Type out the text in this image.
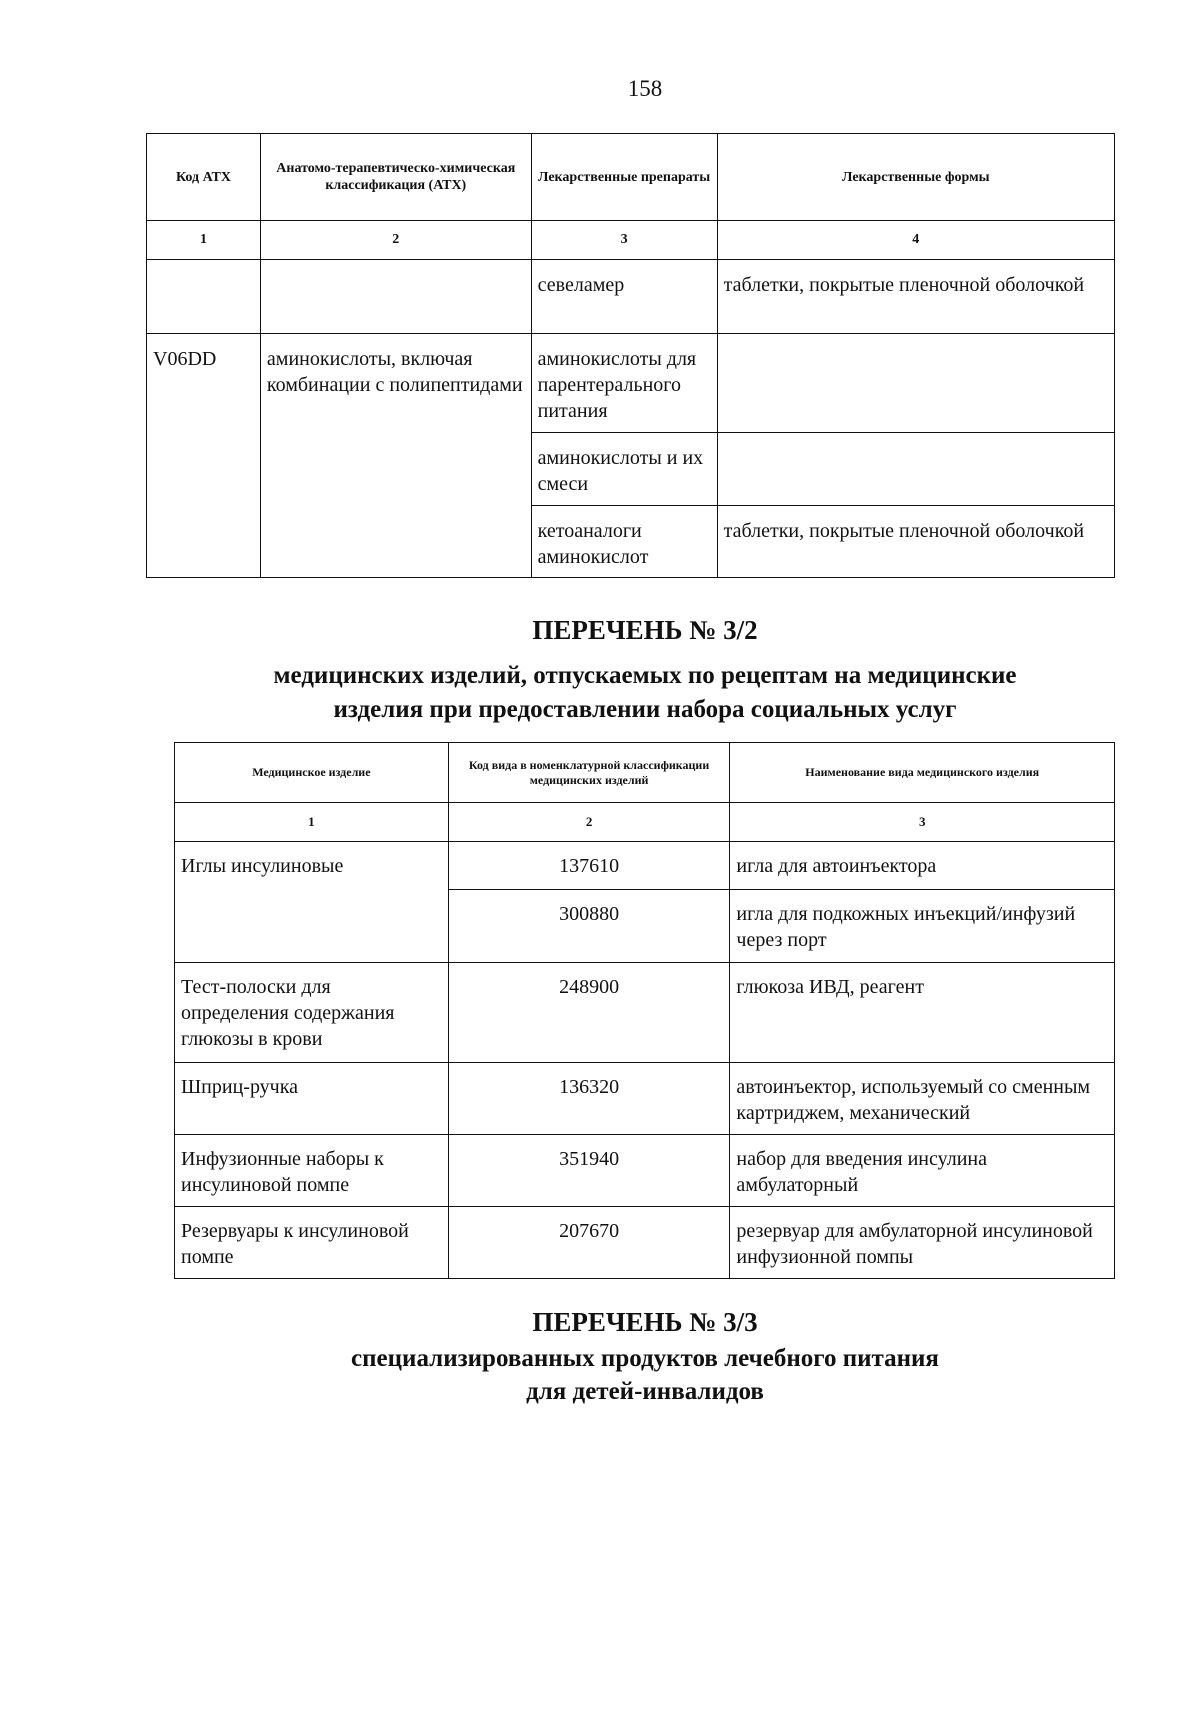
158
Код АТХ	Анатомо-терапевтическо-химическая классификация (АТХ)	Лекарственные препараты	Лекарственные формы
1	2	3	4
		севеламер	таблетки, покрытые пленочной оболочкой
V06DD	аминокислоты, включая комбинации с полипептидами	аминокислоты для парентерального питания	
		аминокислоты и их смеси	
		кетоаналоги аминокислот	таблетки, покрытые пленочной оболочкой
ПЕРЕЧЕНЬ № 3/2
медицинских изделий, отпускаемых по рецептам на медицинские
изделия при предоставлении набора социальных услуг
Медицинское изделие	Код вида в номенклатурной классификации медицинских изделий	Наименование вида медицинского изделия
1	2	3
Иглы инсулиновые	137610	игла для автоинъектора
	300880	игла для подкожных инъекций/инфузий через порт
Тест-полоски для определения содержания глюкозы в крови	248900	глюкоза ИВД, реагент
Шприц-ручка	136320	автоинъектор, используемый со сменным картриджем, механический
Инфузионные наборы к инсулиновой помпе	351940	набор для введения инсулина амбулаторный
Резервуары к инсулиновой помпе	207670	резервуар для амбулаторной инсулиновой инфузионной помпы
ПЕРЕЧЕНЬ № 3/3
специализированных продуктов лечебного питания
для детей-инвалидов
